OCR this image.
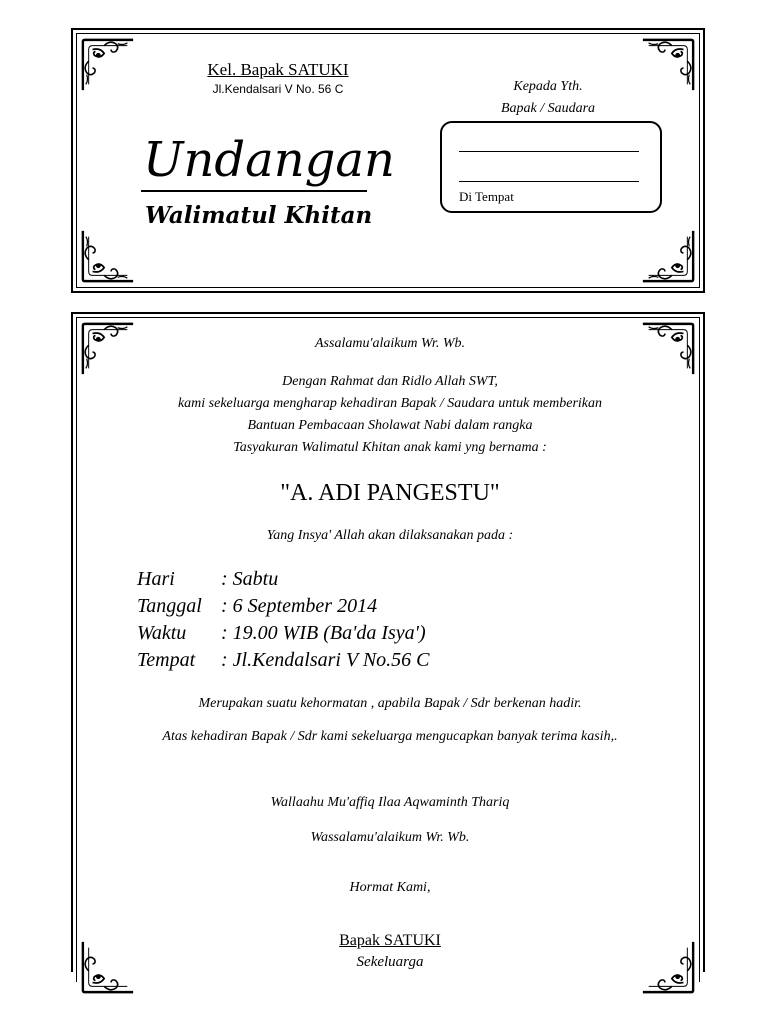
Kel. Bapak SATUKI
Jl.Kendalsari V No. 56 C
Undangan
Walimatul Khitan
Kepada Yth.
Bapak / Saudara
Di Tempat
Assalamu'alaikum Wr. Wb.
Dengan Rahmat dan Ridlo Allah SWT,
kami sekeluarga mengharap kehadiran Bapak / Saudara untuk memberikan
Bantuan Pembacaan Sholawat Nabi dalam rangka
Tasyakuran Walimatul Khitan anak kami yng bernama :
"A. ADI PANGESTU"
Yang Insya' Allah akan dilaksanakan pada :
Hari : Sabtu
Tanggal : 6 September 2014
Waktu : 19.00 WIB (Ba'da Isya')
Tempat : Jl.Kendalsari V No.56 C
Merupakan suatu kehormatan , apabila Bapak / Sdr berkenan hadir.
Atas kehadiran Bapak / Sdr kami sekeluarga mengucapkan banyak terima kasih,.
Wallaahu Mu'affiq Ilaa Aqwaminth Thariq
Wassalamu'alaikum Wr. Wb.
Hormat Kami,
Bapak SATUKI
Sekeluarga
